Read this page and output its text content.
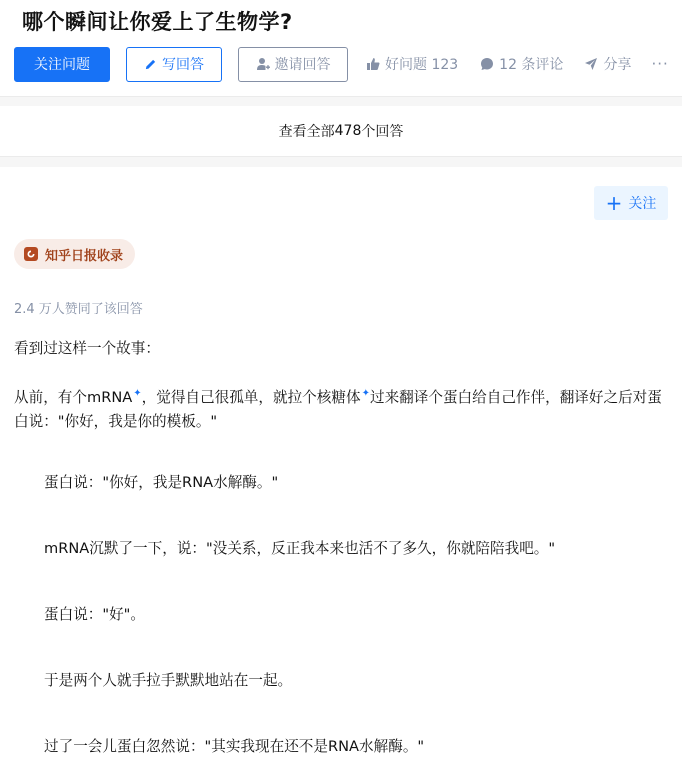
哪个瞬间让你爱上了生物学?
关注问题	写回答	邀请回答	好问题 123	12 条评论	分享 ···
查看全部 478 个回答
+ 关注
知乎日报收录
2.4 万人赞同了该回答

看到过这样一个故事：

从前，有个mRNA✦，觉得自己很孤单，就拉个核糖体✦过来翻译个蛋白给自己作伴，翻译好之后对蛋白说："你好，我是你的模板。"

蛋白说："你好，我是RNA水解酶。"

mRNA沉默了一下，说："没关系，反正我本来也活不了多久，你就陪陪我吧。"

蛋白说："好"。

于是两个人就手拉手默默地站在一起。

过了一会儿蛋白忽然说："其实我现在还不是RNA水解酶。"
